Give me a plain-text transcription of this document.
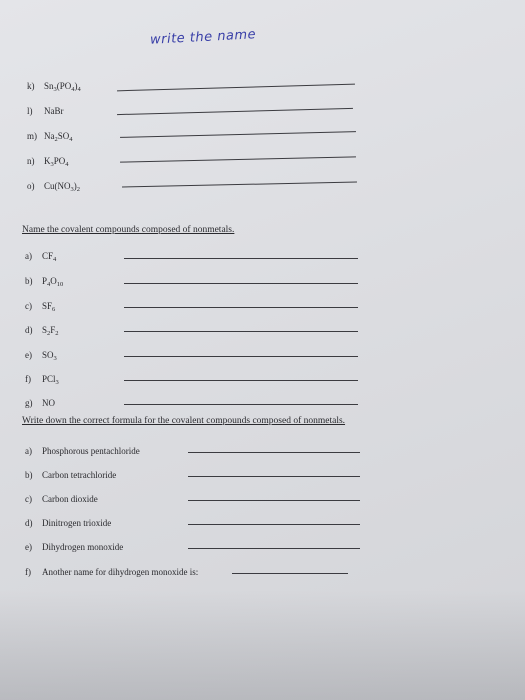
write the name
k) $Sn_3(PO_4)_4$
l) NaBr
m) $Na_2SO_4$
n) $K_3PO_4$
o) $Cu(NO_3)_2$
Name the covalent compounds composed of nonmetals.
a) $CF_4$
b) $P_4O_{10}$
c) $SF_6$
d) $S_2F_2$
e) $SO_3$
f) PCl$_3$
g) NO
Write down the correct formula for the covalent compounds composed of nonmetals.
a) Phosphorous pentachloride
b) Carbon tetrachloride
c) Carbon dioxide
d) Dinitrogen trioxide
e) Dihydrogen monoxide
f) Another name for dihydrogen monoxide is:
